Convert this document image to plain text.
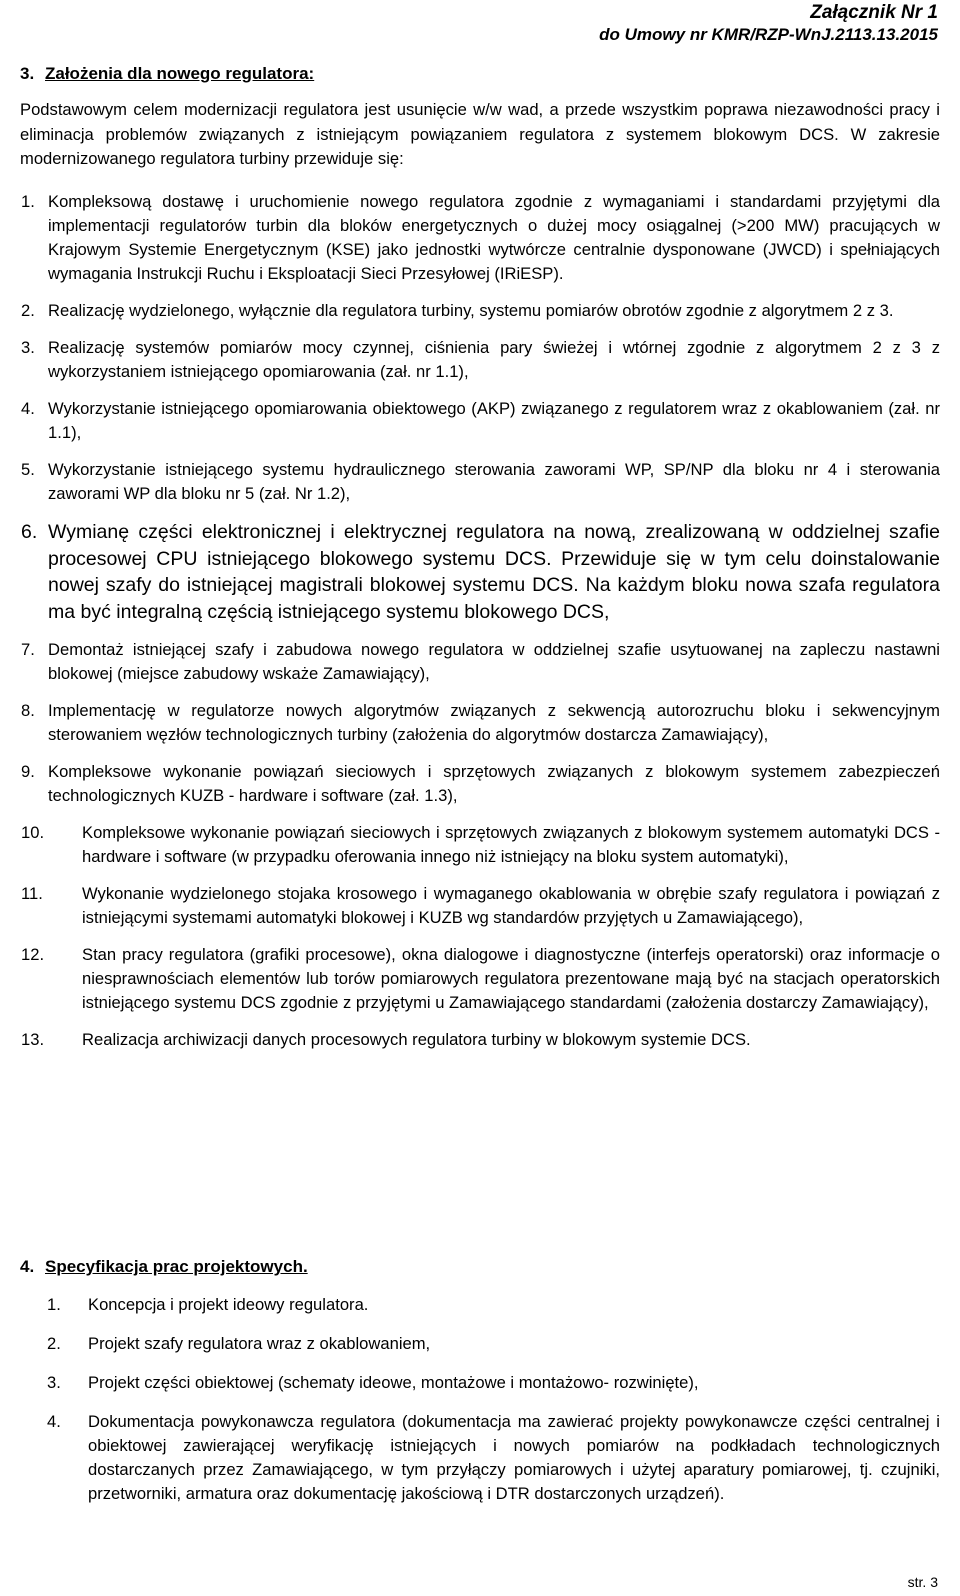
Załącznik Nr 1
do Umowy nr KMR/RZP-WnJ.2113.13.2015
3. Założenia dla nowego regulatora:

Podstawowym celem modernizacji regulatora jest usunięcie w/w wad, a przede wszystkim poprawa niezawodności pracy i eliminacja problemów związanych z istniejącym powiązaniem regulatora z systemem blokowym DCS. W zakresie modernizowanego regulatora turbiny przewiduje się:

1. Kompleksową dostawę i uruchomienie nowego regulatora zgodnie z wymaganiami i standardami przyjętymi dla implementacji regulatorów turbin dla bloków energetycznych o dużej mocy osiągalnej (>200 MW) pracujących w Krajowym Systemie Energetycznym (KSE) jako jednostki wytwórcze centralnie dysponowane (JWCD) i spełniających wymagania Instrukcji Ruchu i Eksploatacji Sieci Przesyłowej (IRiESP).
2. Realizację wydzielonego, wyłącznie dla regulatora turbiny, systemu pomiarów obrotów zgodnie z algorytmem 2 z 3.
3. Realizację systemów pomiarów mocy czynnej, ciśnienia pary świeżej i wtórnej zgodnie z algorytmem 2 z 3 z wykorzystaniem istniejącego opomiarowania (zał. nr 1.1),
4. Wykorzystanie istniejącego opomiarowania obiektowego (AKP) związanego z regulatorem wraz z okablowaniem (zał. nr 1.1),
5. Wykorzystanie istniejącego systemu hydraulicznego sterowania zaworami WP, SP/NP dla bloku nr 4 i sterowania zaworami WP dla bloku nr 5 (zał. Nr 1.2),
6. Wymianę części elektronicznej i elektrycznej regulatora na nową, zrealizowaną w oddzielnej szafie procesowej CPU istniejącego blokowego systemu DCS. Przewiduje się w tym celu doinstalowanie nowej szafy do istniejącej magistrali blokowej systemu DCS. Na każdym bloku nowa szafa regulatora ma być integralną częścią istniejącego systemu blokowego DCS,
7. Demontaż istniejącej szafy i zabudowa nowego regulatora w oddzielnej szafie usytuowanej na zapleczu nastawni blokowej (miejsce zabudowy wskaże Zamawiający),
8. Implementację w regulatorze nowych algorytmów związanych z sekwencją autorozruchu bloku i sekwencyjnym sterowaniem węzłów technologicznych turbiny (założenia do algorytmów dostarcza Zamawiający),
9. Kompleksowe wykonanie powiązań sieciowych i sprzętowych związanych z blokowym systemem zabezpieczeń technologicznych KUZB - hardware i software (zał. 1.3),
10.	Kompleksowe wykonanie powiązań sieciowych i sprzętowych związanych z blokowym systemem automatyki DCS - hardware i software (w przypadku oferowania innego niż istniejący na bloku system automatyki),
11.	Wykonanie wydzielonego stojaka krosowego i wymaganego okablowania w obrębie szafy regulatora i powiązań z istniejącymi systemami automatyki blokowej i KUZB wg standardów przyjętych u Zamawiającego),
12.	Stan pracy regulatora (grafiki procesowe), okna dialogowe i diagnostyczne (interfejs operatorski) oraz informacje o niesprawnościach elementów lub torów pomiarowych regulatora prezentowane mają być na stacjach operatorskich istniejącego systemu DCS zgodnie z przyjętymi u Zamawiającego standardami (założenia dostarczy Zamawiający),
13.	Realizacja archiwizacji danych procesowych regulatora turbiny w blokowym systemie DCS.
4. Specyfikacja prac projektowych.
1.	Koncepcja i projekt ideowy regulatora.
2.	Projekt szafy regulatora wraz z okablowaniem,
3.	Projekt części obiektowej (schematy ideowe, montażowe i montażowo- rozwinięte),
4.	Dokumentacja powykonawcza regulatora (dokumentacja ma zawierać projekty powykonawcze części centralnej i obiektowej zawierającej weryfikację istniejących i nowych pomiarów na podkładach technologicznych dostarczanych przez Zamawiającego, w tym przyłączy pomiarowych i użytej aparatury pomiarowej, tj. czujniki, przetworniki, armatura oraz dokumentację jakościową i DTR dostarczonych urządzeń).
str. 3
